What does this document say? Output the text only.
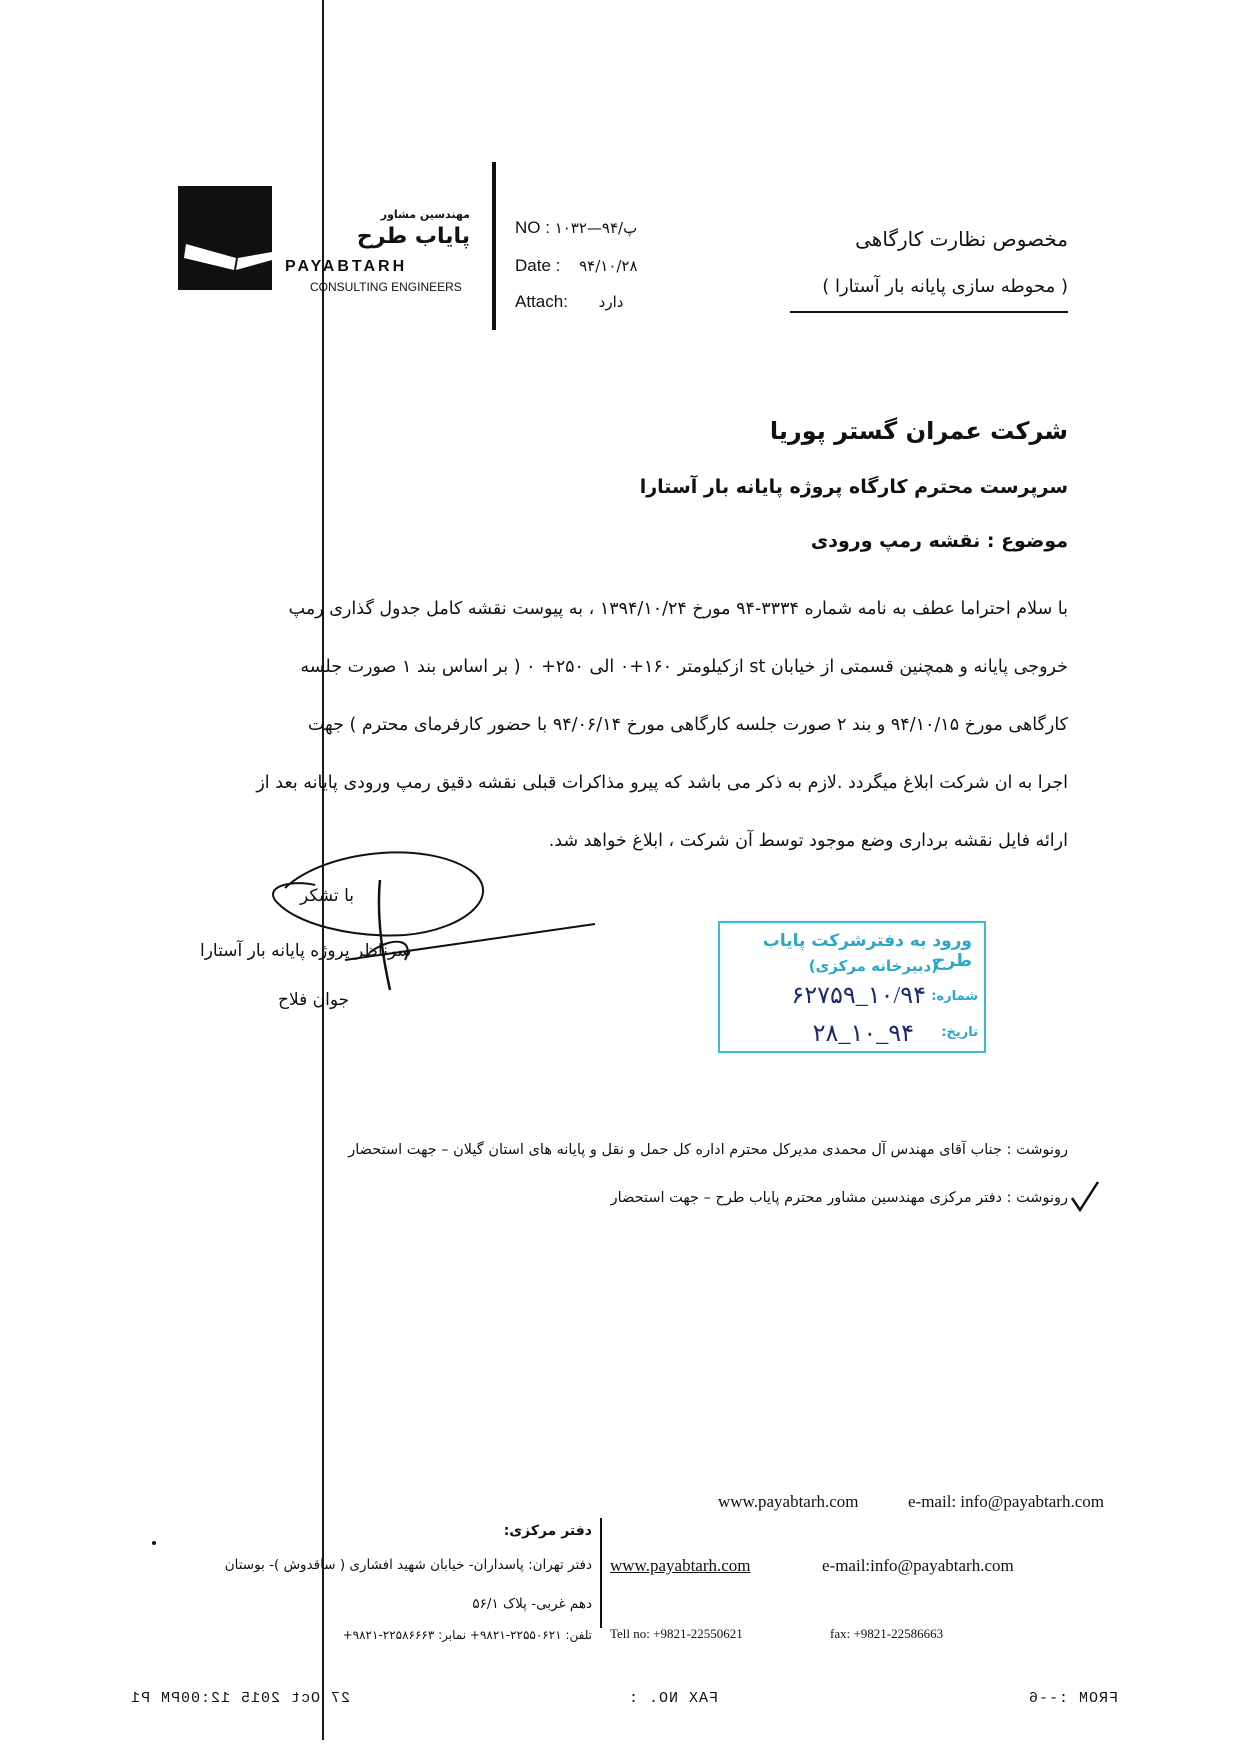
مهندسین مشاور
پایاب طرح
PAYABTARH
CONSULTING ENGINEERS
NO : ۱۰۳۲—۹۴/پ
Date : ۹۴/۱۰/۲۸
Attach: دارد
مخصوص نظارت کارگاهی
( محوطه سازی پایانه بار آستارا )
شرکت عمران گستر پوریا
سرپرست محترم کارگاه پروژه پایانه بار آستارا
موضوع : نقشه رمپ ورودی

با سلام احتراما عطف به نامه شماره ۳۳۳۴-۹۴ مورخ ۱۳۹۴/۱۰/۲۴ ، به پیوست نقشه کامل جدول گذاری رمپ

خروجی پایانه و همچنین قسمتی از خیابان st ازکیلومتر ۱۶۰+۰ الی ۲۵۰+ ۰ ( بر اساس بند ۱ صورت جلسه

کارگاهی مورخ ۹۴/۱۰/۱۵ و بند ۲ صورت جلسه کارگاهی مورخ ۹۴/۰۶/۱۴ با حضور کارفرمای محترم ) جهت

اجرا به ان شرکت ابلاغ میگردد .لازم به ذکر می باشد که پیرو مذاکرات قبلی نقشه دقیق رمپ ورودی پایانه بعد از

ارائه فایل نقشه برداری وضع موجود توسط آن شرکت ، ابلاغ خواهد شد.

با تشکر
سرناظر پروژه پایانه بار آستارا
جوان فلاح
ورود به دفترشرکت پایاب طرح
(دبیرخانه مرکزی)
شماره:
۱۰/۹۴_۶۲۷۵۹
تاریخ:
۹۴_۱۰_۲۸
رونوشت : جناب آقای مهندس آل محمدی مدیرکل محترم اداره کل حمل و نقل و پایانه های استان گیلان – جهت استحضار
رونوشت : دفتر مرکزی مهندسین مشاور محترم پایاب طرح – جهت استحضار
www.payabtarh.com	e-mail: info@payabtarh.com
دفتر مرکزی:
دفتر تهران: پاسداران- خیابان شهید افشاری ( ساقدوش )- بوستان
دهم غربی- پلاک ۵۶/۱
تلفن: ۲۲۵۵۰۶۲۱-۹۸۲۱+ نمابر: ۲۲۵۸۶۶۶۳-۹۸۲۱+
www.payabtarh.com	e-mail:info@payabtarh.com
Tell no: +9821-22550621	fax: +9821-22586663
27 Oct 2015 12:00PM P1	FAX NO. :	FROM :--6
